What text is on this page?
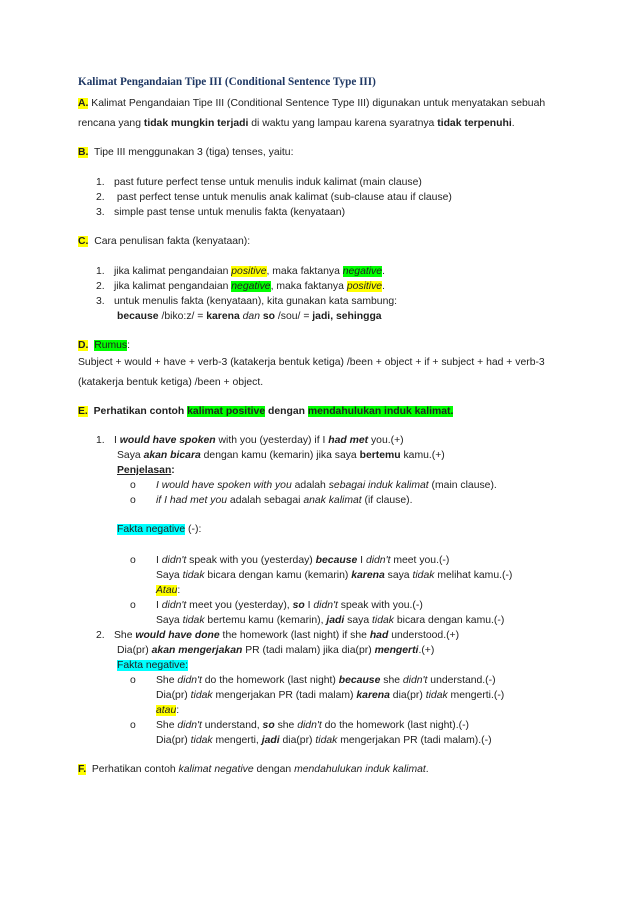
Kalimat Pengandaian Tipe III (Conditional Sentence Type III)
A. Kalimat Pengandaian Tipe III (Conditional Sentence Type III) digunakan untuk menyatakan sebuah
rencana yang tidak mungkin terjadi di waktu yang lampau karena syaratnya tidak terpenuhi.
B. Tipe III menggunakan 3 (tiga) tenses, yaitu:
1. past future perfect tense untuk menulis induk kalimat (main clause)
2. past perfect tense untuk menulis anak kalimat (sub-clause atau if clause)
3. simple past tense untuk menulis fakta (kenyataan)
C. Cara penulisan fakta (kenyataan):
1. jika kalimat pengandaian positive, maka faktanya negative.
2. jika kalimat pengandaian negative, maka faktanya positive.
3. untuk menulis fakta (kenyataan), kita gunakan kata sambung:
because /biko:z/ = karena dan so /sou/ = jadi, sehingga
D. Rumus:
Subject + would + have + verb-3 (katakerja bentuk ketiga) /been + object + if + subject + had + verb-3
(katakerja bentuk ketiga) /been + object.
E. Perhatikan contoh kalimat positive dengan mendahulukan induk kalimat.
1. I would have spoken with you (yesterday) if I had met you.(+)
Saya akan bicara dengan kamu (kemarin) jika saya bertemu kamu.(+)
Penjelasan:
o I would have spoken with you adalah sebagai induk kalimat (main clause).
o if I had met you adalah sebagai anak kalimat (if clause).
Fakta negative (-):
o I didn't speak with you (yesterday) because I didn't meet you.(-)
Saya tidak bicara dengan kamu (kemarin) karena saya tidak melihat kamu.(-)
Atau:
o I didn't meet you (yesterday), so I didn't speak with you.(-)
Saya tidak bertemu kamu (kemarin), jadi saya tidak bicara dengan kamu.(-)
2. She would have done the homework (last night) if she had understood.(+)
Dia(pr) akan mengerjakan PR (tadi malam) jika dia(pr) mengerti.(+)
Fakta negative:
o She didn't do the homework (last night) because she didn't understand.(-)
Dia(pr) tidak mengerjakan PR (tadi malam) karena dia(pr) tidak mengerti.(-)
atau:
o She didn't understand, so she didn't do the homework (last night).(-)
Dia(pr) tidak mengerti, jadi dia(pr) tidak mengerjakan PR (tadi malam).(-)
F. Perhatikan contoh kalimat negative dengan mendahulukan induk kalimat.
